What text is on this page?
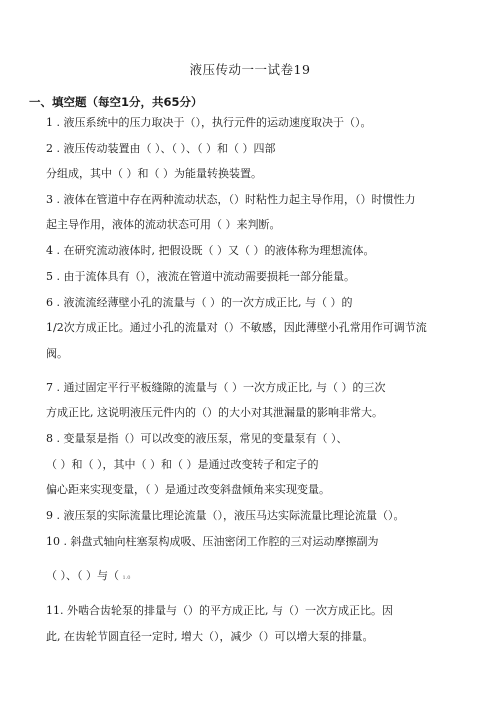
液压传动一一试卷19
一、填空题（每空1分，共65分）
1 . 液压系统中的压力取决于（），执行元件的运动速度取决于（）。
2 . 液压传动装置由（ ）、（ ）、（ ）和（ ）四部
分组成，其中（ ）和（ ）为能量转换装置。
3 . 液体在管道中存在两种流动状态，（）时粘性力起主导作用，（）时惯性力
起主导作用，液体的流动状态可用（ ）来判断。
4 . 在研究流动液体时, 把假设既（ ）又（ ）的液体称为理想流体。
5 . 由于流体具有（），液流在管道中流动需要损耗一部分能量。
6 . 液流流经薄壁小孔的流量与（ ）的一次方成正比, 与（ ）的
1/2次方成正比。通过小孔的流量对（）不敏感，因此薄壁小孔常用作可调节流
阀。
7 . 通过固定平行平板缝隙的流量与（ ）一次方成正比, 与（ ）的三次
方成正比, 这说明液压元件内的（）的大小对其泄漏量的影响非常大。
8 . 变量泵是指（）可以改变的液压泵，常见的变量泵有（ ）、
（ ）和（ ），其中（ ）和（ ）是通过改变转子和定子的
偏心距来实现变量，（ ）是通过改变斜盘倾角来实现变量。
9 . 液压泵的实际流量比理论流量（），液压马达实际流量比理论流量（）。
10 . 斜盘式轴向柱塞泵构成吸、压油密闭工作腔的三对运动摩擦副为
（ ）、（ ）与（ 1.0
11. 外啮合齿轮泵的排量与（）的平方成正比, 与（）一次方成正比。因
此, 在齿轮节圆直径一定时, 增大（），减少（）可以增大泵的排量。
